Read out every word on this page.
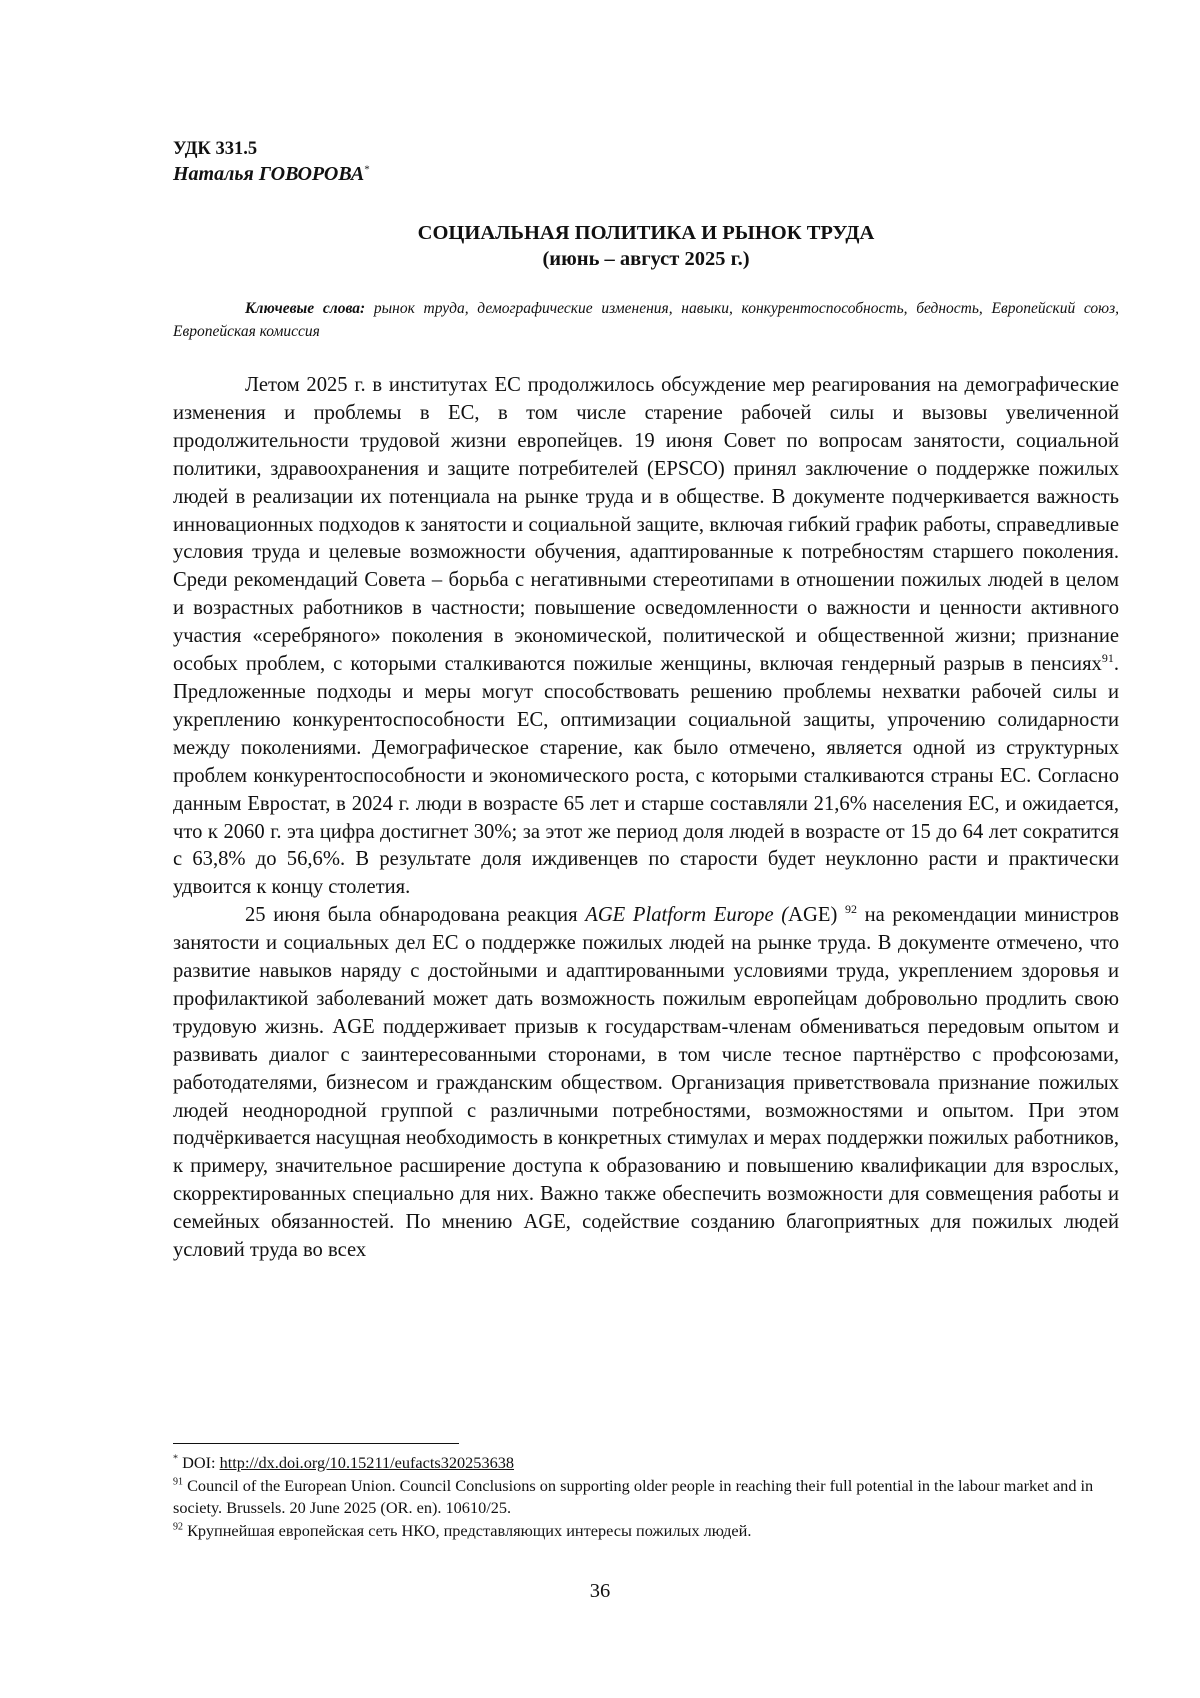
УДК 331.5
Наталья ГОВОРОВА*
СОЦИАЛЬНАЯ ПОЛИТИКА И РЫНОК ТРУДА
(июнь – август 2025 г.)
Ключевые слова: рынок труда, демографические изменения, навыки, конкурентоспособность, бедность, Европейский союз, Европейская комиссия

Летом 2025 г. в институтах ЕС продолжилось обсуждение мер реагирования на демографические изменения и проблемы в ЕС, в том числе старение рабочей силы и вызовы увеличенной продолжительности трудовой жизни европейцев. 19 июня Совет по вопросам занятости, социальной политики, здравоохранения и защите потребителей (EPSCO) принял заключение о поддержке пожилых людей в реализации их потенциала на рынке труда и в обществе. В документе подчеркивается важность инновационных подходов к занятости и социальной защите, включая гибкий график работы, справедливые условия труда и целевые возможности обучения, адаптированные к потребностям старшего поколения. Среди рекомендаций Совета – борьба с негативными стереотипами в отношении пожилых людей в целом и возрастных работников в частности; повышение осведомленности о важности и ценности активного участия «серебряного» поколения в экономической, политической и общественной жизни; признание особых проблем, с которыми сталкиваются пожилые женщины, включая гендерный разрыв в пенсиях$^{91}$. Предложенные подходы и меры могут способствовать решению проблемы нехватки рабочей силы и укреплению конкурентоспособности ЕС, оптимизации социальной защиты, упрочению солидарности между поколениями. Демографическое старение, как было отмечено, является одной из структурных проблем конкурентоспособности и экономического роста, с которыми сталкиваются страны ЕС. Согласно данным Евростат, в 2024 г. люди в возрасте 65 лет и старше составляли 21,6% населения ЕС, и ожидается, что к 2060 г. эта цифра достигнет 30%; за этот же период доля людей в возрасте от 15 до 64 лет сократится с 63,8% до 56,6%. В результате доля иждивенцев по старости будет неуклонно расти и практически удвоится к концу столетия.

25 июня была обнародована реакция AGE Platform Europe (AGE) $^{92}$ на рекомендации министров занятости и социальных дел ЕС о поддержке пожилых людей на рынке труда. В документе отмечено, что развитие навыков наряду с достойными и адаптированными условиями труда, укреплением здоровья и профилактикой заболеваний может дать возможность пожилым европейцам добровольно продлить свою трудовую жизнь. AGE поддерживает призыв к государствам-членам обмениваться передовым опытом и развивать диалог с заинтересованными сторонами, в том числе тесное партнёрство с профсоюзами, работодателями, бизнесом и гражданским обществом. Организация приветствовала признание пожилых людей неоднородной группой с различными потребностями, возможностями и опытом. При этом подчёркивается насущная необходимость в конкретных стимулах и мерах поддержки пожилых работников, к примеру, значительное расширение доступа к образованию и повышению квалификации для взрослых, скорректированных специально для них. Важно также обеспечить возможности для совмещения работы и семейных обязанностей. По мнению AGE, содействие созданию благоприятных для пожилых людей условий труда во всех

* DOI: http://dx.doi.org/10.15211/eufacts320253638

$^{91}$ Council of the European Union. Council Conclusions on supporting older people in reaching their full potential in the labour market and in society. Brussels. 20 June 2025 (OR. en). 10610/25.

$^{92}$ Крупнейшая европейская сеть НКО, представляющих интересы пожилых людей.

36
